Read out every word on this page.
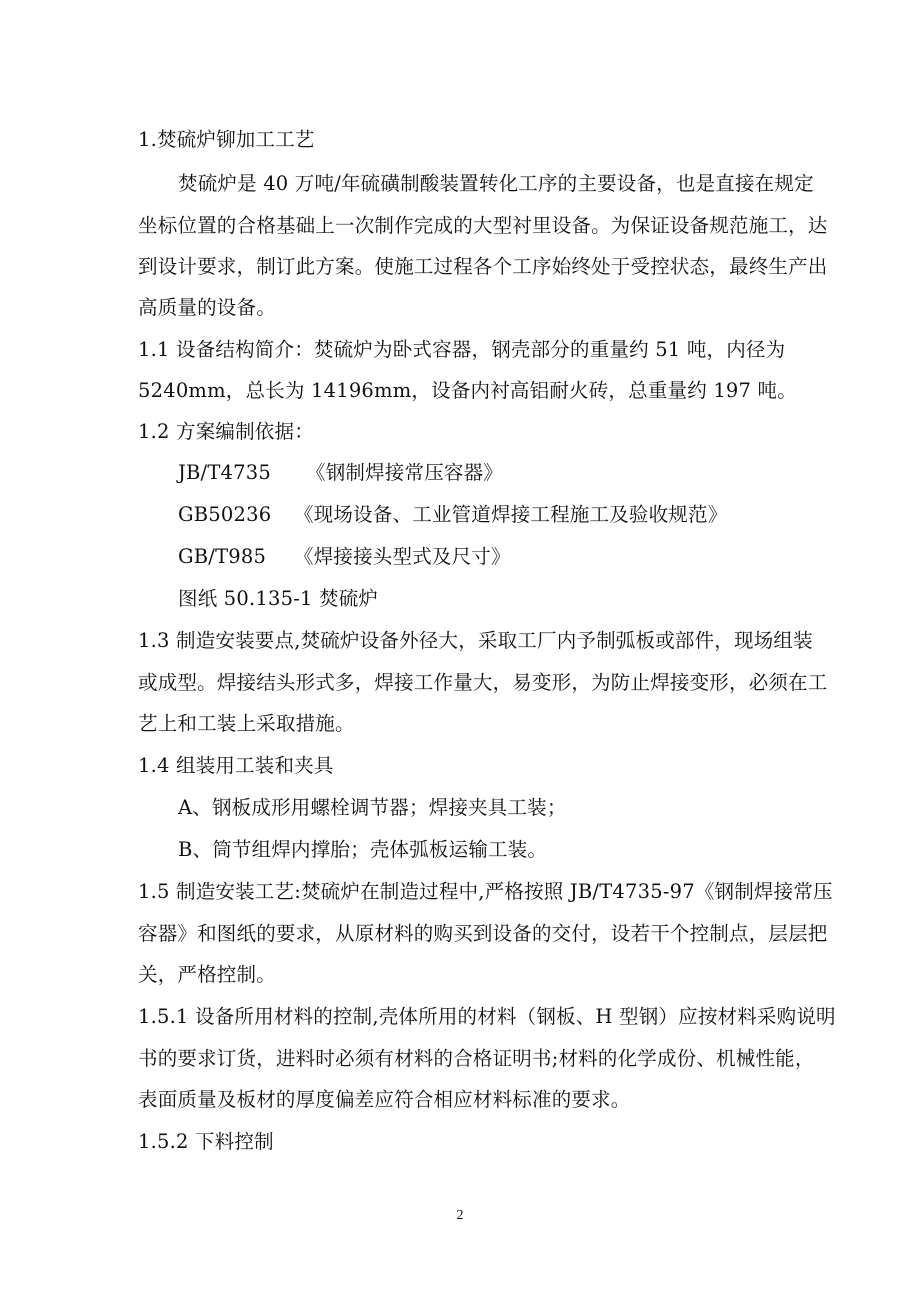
1.焚硫炉铆加工工艺
焚硫炉是 40 万吨/年硫磺制酸装置转化工序的主要设备，也是直接在规定
坐标位置的合格基础上一次制作完成的大型衬里设备。为保证设备规范施工，达
到设计要求，制订此方案。使施工过程各个工序始终处于受控状态，最终生产出
高质量的设备。
1.1 设备结构简介：焚硫炉为卧式容器，钢壳部分的重量约 51 吨，内径为
5240mm，总长为 14196mm，设备内衬高铝耐火砖，总重量约 197 吨。
1.2 方案编制依据：
JB/T4735 《钢制焊接常压容器》
GB50236 《现场设备、工业管道焊接工程施工及验收规范》
GB/T985 《焊接接头型式及尺寸》
图纸 50.135-1 焚硫炉
1.3 制造安装要点,焚硫炉设备外径大，采取工厂内予制弧板或部件，现场组装
或成型。焊接结头形式多，焊接工作量大，易变形，为防止焊接变形，必须在工
艺上和工装上采取措施。
1.4 组装用工装和夹具
A、钢板成形用螺栓调节器；焊接夹具工装；
B、筒节组焊内撑胎；壳体弧板运输工装。
1.5 制造安装工艺:焚硫炉在制造过程中,严格按照 JB/T4735-97《钢制焊接常压
容器》和图纸的要求，从原材料的购买到设备的交付，设若干个控制点，层层把
关，严格控制。
1.5.1 设备所用材料的控制,壳体所用的材料（钢板、H 型钢）应按材料采购说明
书的要求订货，进料时必须有材料的合格证明书;材料的化学成份、机械性能，
表面质量及板材的厚度偏差应符合相应材料标准的要求。
1.5.2 下料控制
2
